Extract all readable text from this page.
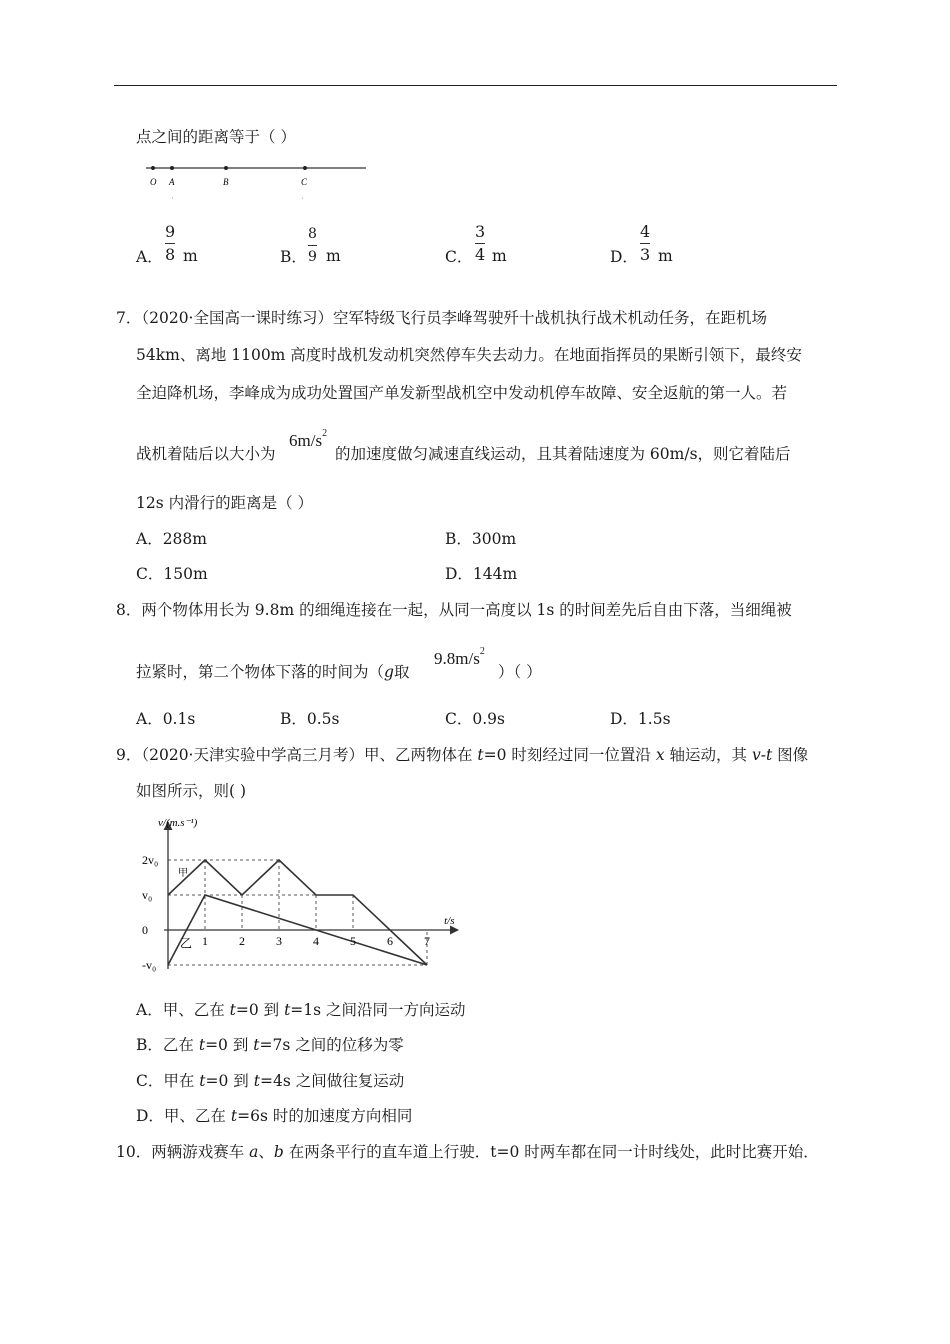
点之间的距离等于（ ）
O A	B	C
A．
9
8 m	B．
8
9 m	C．
3
4 m	D．
4
3 m
7．（2020·全国高一课时练习）空军特级飞行员李峰驾驶歼十战机执行战术机动任务，在距机场
54km、离地 1100m 高度时战机发动机突然停车失去动力。在地面指挥员的果断引领下，最终安
全迫降机场，李峰成为成功处置国产单发新型战机空中发动机停车故障、安全返航的第一人。若
战机着陆后以大小为
$6m/s^2$
的加速度做匀减速直线运动，且其着陆速度为 60m/s，则它着陆后
12s 内滑行的距离是（ ）
A．288m	B．300m
C．150m	D．144m
8．两个物体用长为 9.8m 的细绳连接在一起，从同一高度以 1s 的时间差先后自由下落，当细绳被
拉紧时，第二个物体下落的时间为（g取
$9.8m/s^2$
）（ ）
A．0.1s	B．0.5s	C．0.9s	D．1.5s
9．（2020·天津实验中学高三月考）甲、乙两物体在 t=0 时刻经过同一位置沿 x 轴运动，其 v-t 图像
如图所示，则( )
1	2	3	4	5	6	7
2v₀
v₀
0
-v₀
v/(m.s⁻¹)
t/s
甲
乙
A．甲、乙在 t=0 到 t=1s 之间沿同一方向运动
B．乙在 t=0 到 t=7s 之间的位移为零
C．甲在 t=0 到 t=4s 之间做往复运动
D．甲、乙在 t=6s 时的加速度方向相同
10．两辆游戏赛车 a、b 在两条平行的直车道上行驶．t=0 时两车都在同一计时线处，此时比赛开始．
